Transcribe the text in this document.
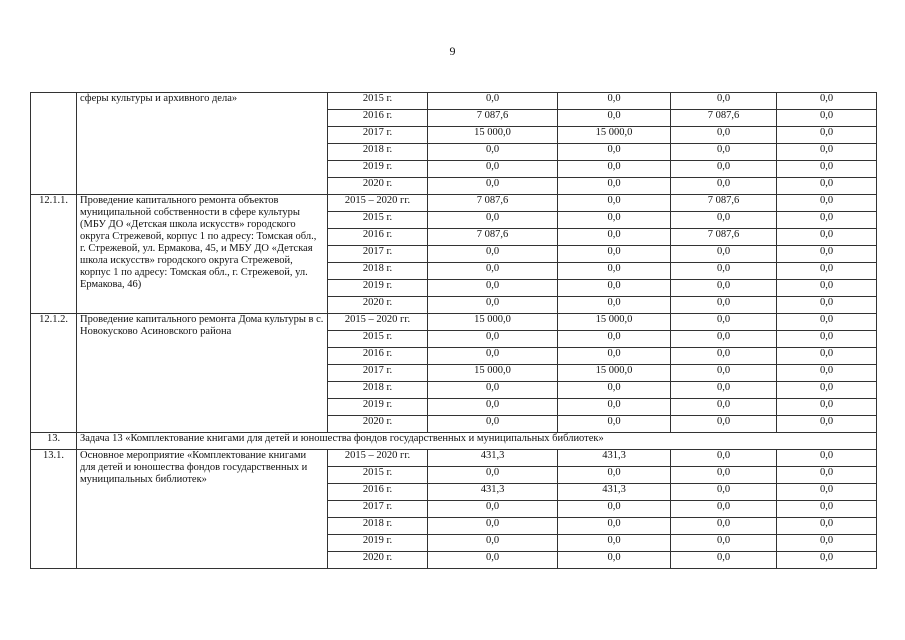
9
	сферы культуры и архивного дела»	2015 г.	0,0	0,0	0,0	0,0
		2016 г.	7 087,6	0,0	7 087,6	0,0
		2017 г.	15 000,0	15 000,0	0,0	0,0
		2018 г.	0,0	0,0	0,0	0,0
		2019 г.	0,0	0,0	0,0	0,0
		2020 г.	0,0	0,0	0,0	0,0
12.1.1.	Проведение капитального ремонта объектов муниципальной собственности в сфере культуры (МБУ ДО «Детская школа искусств» городского округа Стрежевой, корпус 1 по адресу: Томская обл., г. Стрежевой, ул. Ермакова, 45, и МБУ ДО «Детская школа искусств» городского округа Стрежевой, корпус 1 по адресу: Томская обл., г. Стрежевой, ул. Ермакова, 46)	2015 – 2020 гг.	7 087,6	0,0	7 087,6	0,0
		2015 г.	0,0	0,0	0,0	0,0
		2016 г.	7 087,6	0,0	7 087,6	0,0
		2017 г.	0,0	0,0	0,0	0,0
		2018 г.	0,0	0,0	0,0	0,0
		2019 г.	0,0	0,0	0,0	0,0
		2020 г.	0,0	0,0	0,0	0,0
12.1.2.	Проведение капитального ремонта Дома культуры в с. Новокусково Асиновского района	2015 – 2020 гг.	15 000,0	15 000,0	0,0	0,0
		2015 г.	0,0	0,0	0,0	0,0
		2016 г.	0,0	0,0	0,0	0,0
		2017 г.	15 000,0	15 000,0	0,0	0,0
		2018 г.	0,0	0,0	0,0	0,0
		2019 г.	0,0	0,0	0,0	0,0
		2020 г.	0,0	0,0	0,0	0,0
13.	Задача 13 «Комплектование книгами для детей и юношества фондов государственных и муниципальных библиотек»					
13.1.	Основное мероприятие «Комплектование книгами для детей и юношества фондов государственных и муниципальных библиотек»	2015 – 2020 гг.	431,3	431,3	0,0	0,0
		2015 г.	0,0	0,0	0,0	0,0
		2016 г.	431,3	431,3	0,0	0,0
		2017 г.	0,0	0,0	0,0	0,0
		2018 г.	0,0	0,0	0,0	0,0
		2019 г.	0,0	0,0	0,0	0,0
		2020 г.	0,0	0,0	0,0	0,0
